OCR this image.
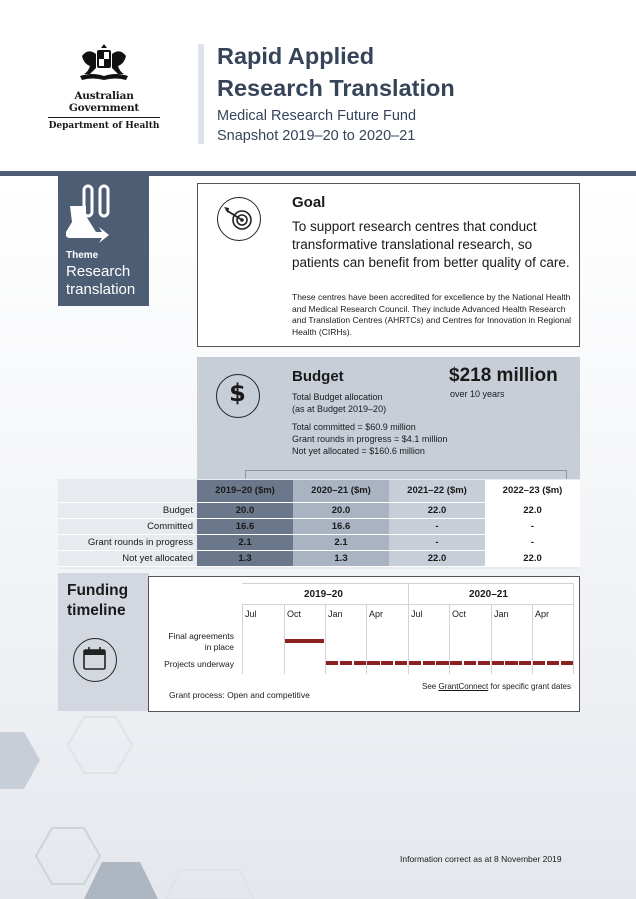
Australian Government
Department of Health
Rapid Applied
Research Translation
Medical Research Future Fund
Snapshot 2019–20 to 2020–21
Theme
Research
translation
Goal
To support research centres that conduct transformative translational research, so patients can benefit from better quality of care.
These centres have been accredited for excellence by the National Health and Medical Research Council. They include Advanced Health Research and Translation Centres (AHRTCs) and Centres for Innovation in Regional Health (CIRHs).
$
Budget
Total Budget allocation
(as at Budget 2019–20)
$218 million
over 10 years
Total committed = $60.9 million
Grant rounds in progress = $4.1 million
Not yet allocated = $160.6 million
	2019–20 ($m)	2020–21 ($m)	2021–22 ($m)	2022–23 ($m)
Budget	20.0	20.0	22.0	22.0
Committed	16.6	16.6	-	-
Grant rounds in progress	2.1	2.1	-	-
Not yet allocated	1.3	1.3	22.0	22.0
Funding
timeline
2019–20	2020–21
Jul	Oct	Jan	Apr	Jul	Oct	Jan	Apr
Final agreements
in place
Projects underway
See GrantConnect for specific grant dates
Grant process: Open and competitive
Information correct as at 8 November 2019
